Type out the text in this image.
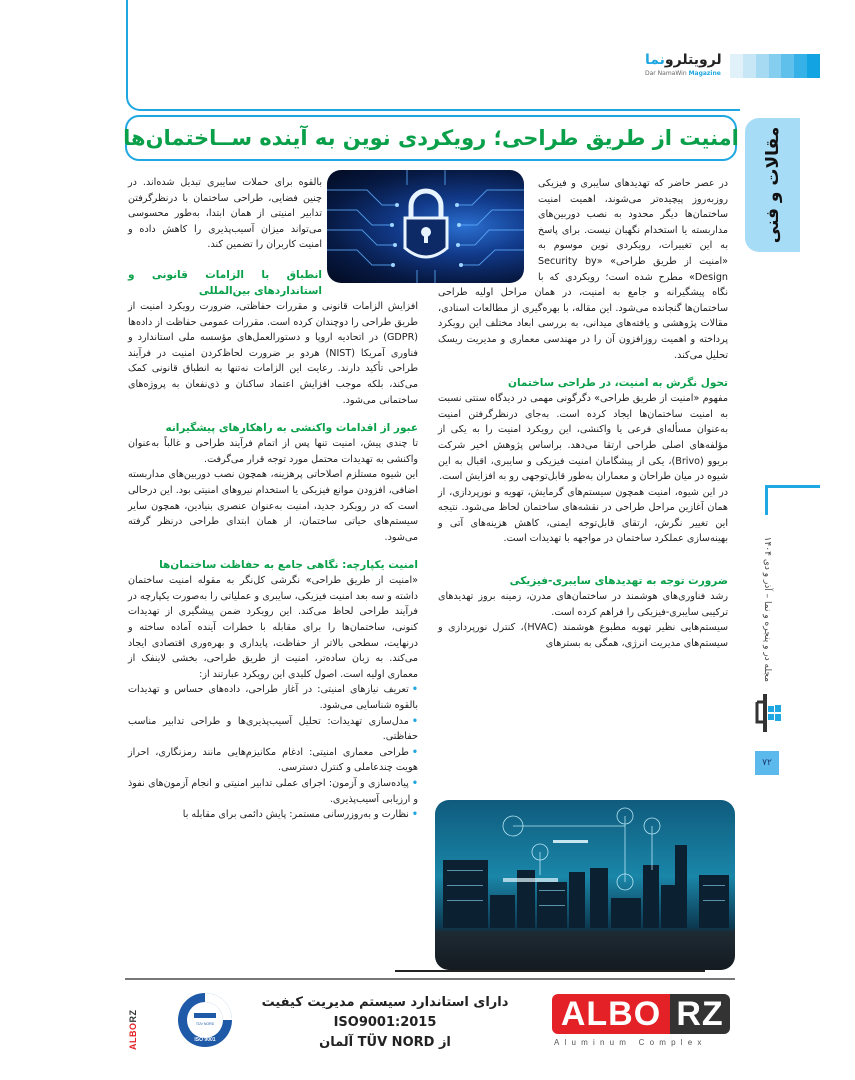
لرویتلرونما
Dar NamaWin Magazine
مقالات و فنی
امنیت از طریق طراحی؛ رویکردی نوین به آینده ســاختمان‌ها

در عصر حاضر که تهدیدهای سایبری و فیزیکی روزبه‌روز پیچیده‌تر می‌شوند، اهمیت امنیت ساختمان‌ها دیگر محدود به نصب دوربین‌های مداربسته یا استخدام نگهبان نیست. برای پاسخ به این تغییرات، رویکردی نوین موسوم به «امنیت از طریق طراحی» «Security by Design» مطرح شده است؛ رویکردی که با نگاه پیشگیرانه و جامع به امنیت، در همان مراحل اولیه طراحی ساختمان‌ها گنجانده می‌شود. این مقاله، با بهره‌گیری از مطالعات اسنادی، مقالات پژوهشی و یافته‌های میدانی، به بررسی ابعاد مختلف این رویکرد پرداخته و اهمیت روزافزون آن را در مهندسی معماری و مدیریت ریسک تحلیل می‌کند.

تحول نگرش به امنیت، در طراحی ساختمان

مفهوم «امنیت از طریق طراحی» دگرگونی مهمی در دیدگاه سنتی نسبت به امنیت ساختمان‌ها ایجاد کرده است. به‌جای درنظرگرفتن امنیت به‌عنوان مسأله‌ای فرعی یا واکنشی، این رویکرد امنیت را به یکی از مؤلفه‌های اصلی طراحی ارتقا می‌دهد. براساس پژوهش اخیر شرکت بریوو (Brivo)، یکی از پیشگامان امنیت فیزیکی و سایبری، اقبال به این شیوه در میان طراحان و معماران به‌طور قابل‌توجهی رو به افزایش است.

در این شیوه، امنیت همچون سیستم‌های گرمایش، تهویه و نورپردازی، از همان آغازین مراحل طراحی در نقشه‌های ساختمان لحاظ می‌شود. نتیجه این تغییر نگرش، ارتقای قابل‌توجه ایمنی، کاهش هزینه‌های آتی و بهینه‌سازی عملکرد ساختمان در مواجهه با تهدیدات است.

ضرورت توجه به تهدیدهای سایبری-فیزیکی

رشد فناوری‌های هوشمند در ساختمان‌های مدرن، زمینه بروز تهدیدهای ترکیبی سایبری-فیزیکی را فراهم کرده است.

سیستم‌هایی نظیر تهویه مطبوع هوشمند (HVAC)، کنترل نورپردازی و سیستم‌های مدیریت انرژی، همگی به بسترهای

بالقوه برای حملات سایبری تبدیل شده‌اند. در چنین فضایی، طراحی ساختمان با درنظرگرفتن تدابیر امنیتی از همان ابتدا، به‌طور محسوسی می‌تواند میزان آسیب‌پذیری را کاهش داده و امنیت کاربران را تضمین کند.

انطباق با الزامات قانونی و استانداردهای بین‌المللی

افزایش الزامات قانونی و مقررات حفاظتی، ضرورت رویکرد امنیت از طریق طراحی را دوچندان کرده است. مقررات عمومی حفاظت از داده‌ها (GDPR) در اتحادیه اروپا و دستورالعمل‌های مؤسسه ملی استاندارد و فناوری آمریکا (NIST) هردو بر ضرورت لحاظ‌کردن امنیت در فرآیند طراحی تأکید دارند. رعایت این الزامات نه‌تنها به انطباق قانونی کمک می‌کند، بلکه موجب افزایش اعتماد ساکنان و ذی‌نفعان به پروژه‌های ساختمانی می‌شود.

عبور از اقدامات واکنشی به راهکارهای پیشگیرانه

تا چندی پیش، امنیت تنها پس از اتمام فرآیند طراحی و غالباً به‌عنوان واکنشی به تهدیدات محتمل مورد توجه قرار می‌گرفت.

این شیوه مستلزم اصلاحاتی پرهزینه، همچون نصب دوربین‌های مداربسته اضافی، افزودن موانع فیزیکی یا استخدام نیروهای امنیتی بود. این درحالی است که در رویکرد جدید، امنیت به‌عنوان عنصری بنیادین، همچون سایر سیستم‌های حیاتی ساختمان، از همان ابتدای طراحی درنظر گرفته می‌شود.

امنیت یکپارچه: نگاهی جامع به حفاظت ساختمان‌ها

«امنیت از طریق طراحی» نگرشی کل‌نگر به مقوله امنیت ساختمان داشته و سه بعد امنیت فیزیکی، سایبری و عملیاتی را به‌صورت یکپارچه در فرآیند طراحی لحاظ می‌کند. این رویکرد ضمن پیشگیری از تهدیدات کنونی، ساختمان‌ها را برای مقابله با خطرات آینده آماده ساخته و درنهایت، سطحی بالاتر از حفاظت، پایداری و بهره‌وری اقتصادی ایجاد می‌کند. به زبان ساده‌تر، امنیت از طریق طراحی، بخشی لاینفک از معماری اولیه است. اصول کلیدی این رویکرد عبارتند از:

•تعریف نیازهای امنیتی: در آغاز طراحی، داده‌های حساس و تهدیدات بالقوه شناسایی می‌شود.
•مدل‌سازی تهدیدات: تحلیل آسیب‌پذیری‌ها و طراحی تدابیر مناسب حفاظتی.
•طراحی معماری امنیتی: ادغام مکانیزم‌هایی مانند رمزنگاری، احراز هویت چندعاملی و کنترل دسترسی.
•پیاده‌سازی و آزمون: اجرای عملی تدابیر امنیتی و انجام آزمون‌های نفوذ و ارزیابی آسیب‌پذیری.
•نظارت و به‌روزرسانی مستمر: پایش دائمی برای مقابله با
مجله در و پنجره و نما – آذر و دی ۱۴۰۴
۷۲
ALBORZ
TÜV NORD
ISO 9001
دارای استاندارد سیستم مدیریت کیفیت ISO9001:2015
از TÜV NORD آلمان
ALBO RZ
Aluminum Complex
